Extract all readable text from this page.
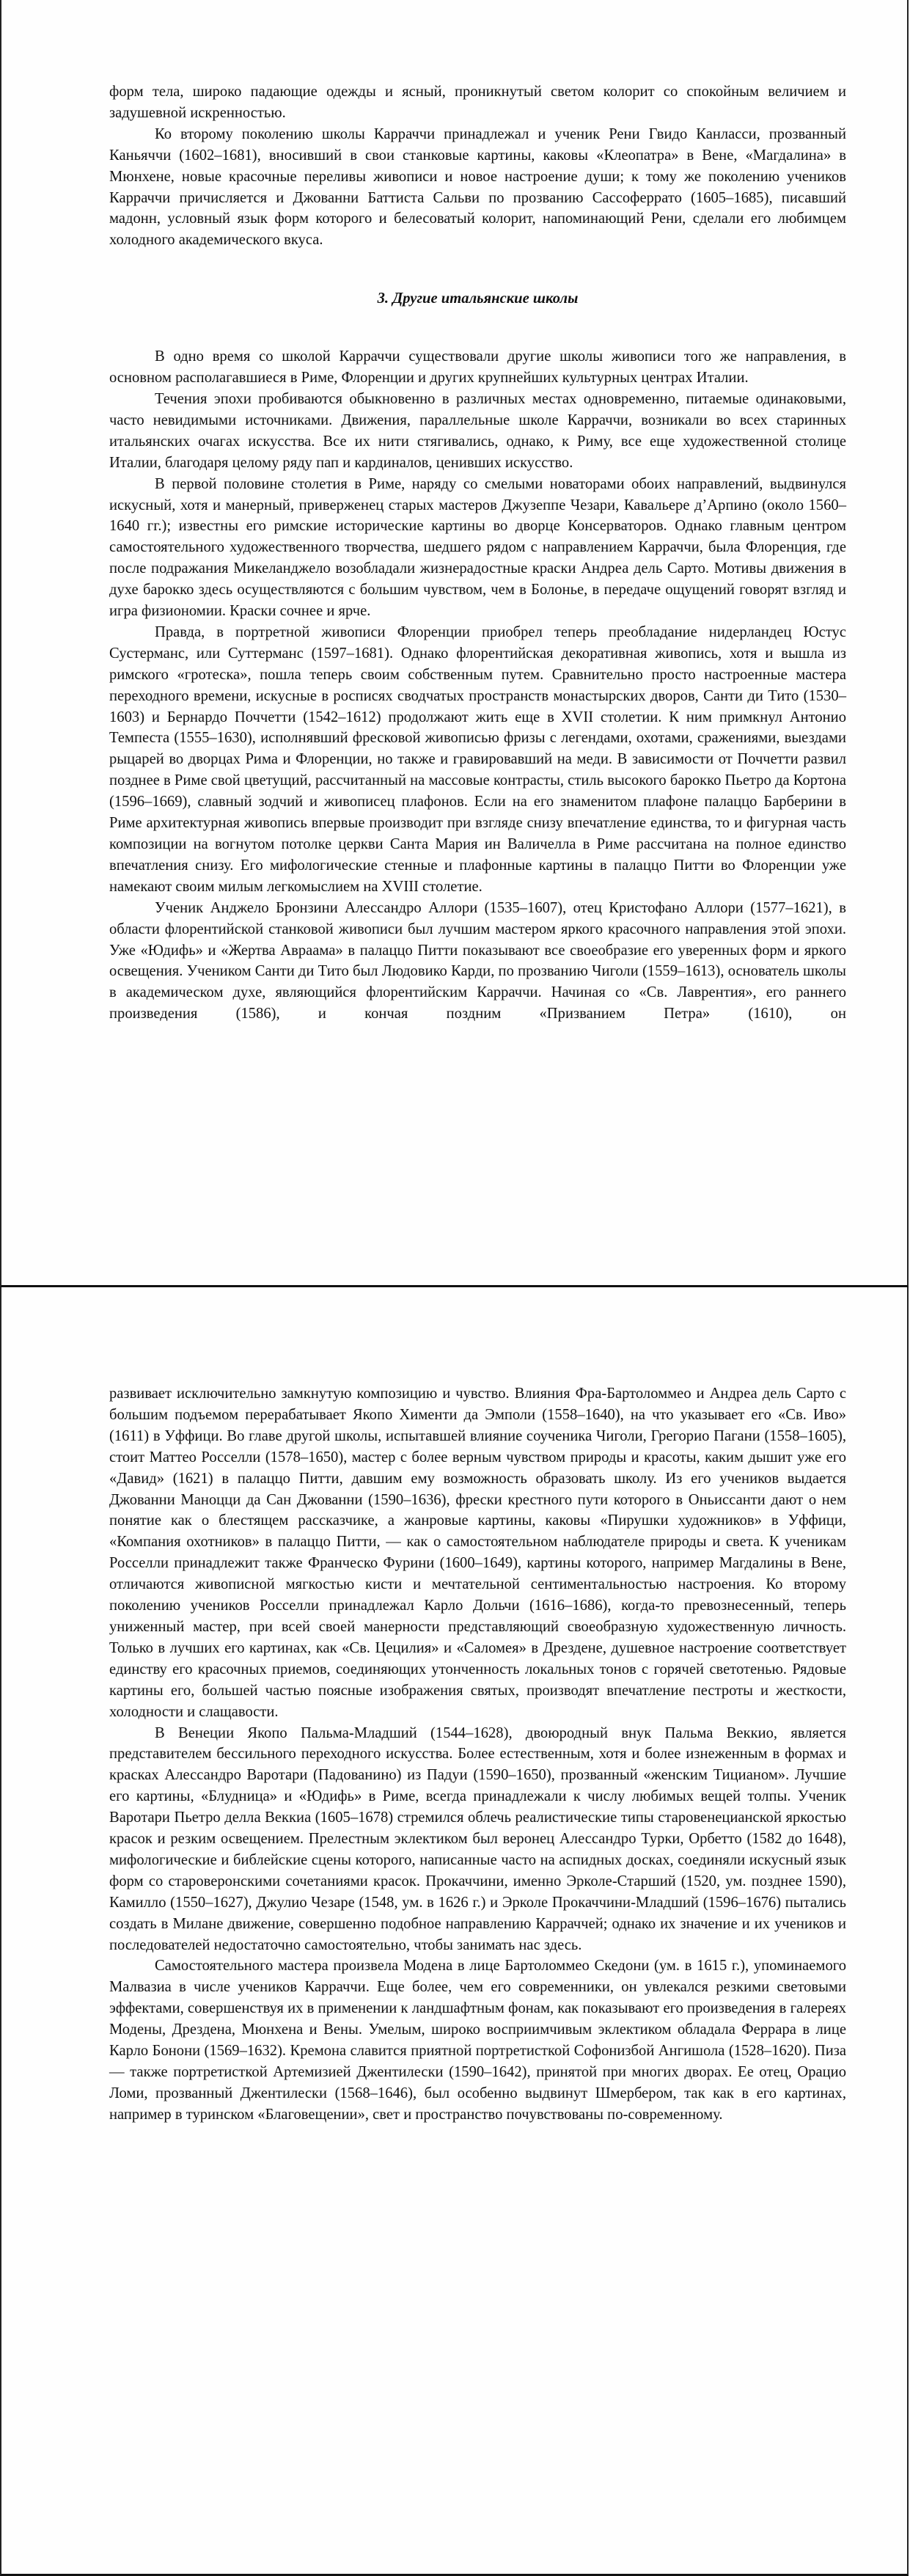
форм тела, широко падающие одежды и ясный, проникнутый светом колорит со спокойным величием и задушевной искренностью.

Ко второму поколению школы Карраччи принадлежал и ученик Рени Гвидо Канласси, прозванный Каньяччи (1602–1681), вносивший в свои станковые картины, каковы «Клеопатра» в Вене, «Магдалина» в Мюнхене, новые красочные переливы живописи и новое настроение души; к тому же поколению учеников Карраччи причисляется и Джованни Баттиста Сальви по прозванию Сассоферрато (1605–1685), писавший мадонн, условный язык форм которого и белесоватый колорит, напоминающий Рени, сделали его любимцем холодного академического вкуса.

3. Другие итальянские школы

В одно время со школой Карраччи существовали другие школы живописи того же направления, в основном располагавшиеся в Риме, Флоренции и других крупнейших культурных центрах Италии.

Течения эпохи пробиваются обыкновенно в различных местах одновременно, питаемые одинаковыми, часто невидимыми источниками. Движения, параллельные школе Карраччи, возникали во всех старинных итальянских очагах искусства. Все их нити стягивались, однако, к Риму, все еще художественной столице Италии, благодаря целому ряду пап и кардиналов, ценивших искусство.

В первой половине столетия в Риме, наряду со смелыми новаторами обоих направлений, выдвинулся искусный, хотя и манерный, приверженец старых мастеров Джузеппе Чезари, Кавальере д’Арпино (около 1560–1640 гг.); известны его римские исторические картины во дворце Консерваторов. Однако главным центром самостоятельного художественного творчества, шедшего рядом с направлением Карраччи, была Флоренция, где после подражания Микеланджело возобладали жизнерадостные краски Андреа дель Сарто. Мотивы движения в духе барокко здесь осуществляются с большим чувством, чем в Болонье, в передаче ощущений говорят взгляд и игра физиономии. Краски сочнее и ярче.

Правда, в портретной живописи Флоренции приобрел теперь преобладание нидерландец Юстус Сустерманс, или Суттерманс (1597–1681). Однако флорентийская декоративная живопись, хотя и вышла из римского «гротеска», пошла теперь своим собственным путем. Сравнительно просто настроенные мастера переходного времени, искусные в росписях сводчатых пространств монастырских дворов, Санти ди Тито (1530–1603) и Бернардо Поччетти (1542–1612) продолжают жить еще в XVII столетии. К ним примкнул Антонио Темпеста (1555–1630), исполнявший фресковой живописью фризы с легендами, охотами, сражениями, выездами рыцарей во дворцах Рима и Флоренции, но также и гравировавший на меди. В зависимости от Поччетти развил позднее в Риме свой цветущий, рассчитанный на массовые контрасты, стиль высокого барокко Пьетро да Кортона (1596–1669), славный зодчий и живописец плафонов. Если на его знаменитом плафоне палаццо Барберини в Риме архитектурная живопись впервые производит при взгляде снизу впечатление единства, то и фигурная часть композиции на вогнутом потолке церкви Санта Мария ин Валичелла в Риме рассчитана на полное единство впечатления снизу. Его мифологические стенные и плафонные картины в палаццо Питти во Флоренции уже намекают своим милым легкомыслием на XVIII столетие.

Ученик Анджело Бронзини Алессандро Аллори (1535–1607), отец Кристофано Аллори (1577–1621), в области флорентийской станковой живописи был лучшим мастером яркого красочного направления этой эпохи. Уже «Юдифь» и «Жертва Авраама» в палаццо Питти показывают все своеобразие его уверенных форм и яркого освещения. Учеником Санти ди Тито был Людовико Карди, по прозванию Чиголи (1559–1613), основатель школы в академическом духе, являющийся флорентийским Карраччи. Начиная со «Св. Лаврентия», его раннего произведения (1586), и кончая поздним «Призванием Петра» (1610), он

развивает исключительно замкнутую композицию и чувство. Влияния Фра-Бартоломмео и Андреа дель Сарто с большим подъемом перерабатывает Якопо Хименти да Эмполи (1558–1640), на что указывает его «Св. Иво» (1611) в Уффици. Во главе другой школы, испытавшей влияние соученика Чиголи, Грегорио Пагани (1558–1605), стоит Маттео Росселли (1578–1650), мастер с более верным чувством природы и красоты, каким дышит уже его «Давид» (1621) в палаццо Питти, давшим ему возможность образовать школу. Из его учеников выдается Джованни Маноцци да Сан Джованни (1590–1636), фрески крестного пути которого в Оньиссанти дают о нем понятие как о блестящем рассказчике, а жанровые картины, каковы «Пирушки художников» в Уффици, «Компания охотников» в палаццо Питти, — как о самостоятельном наблюдателе природы и света. К ученикам Росселли принадлежит также Франческо Фурини (1600–1649), картины которого, например Магдалины в Вене, отличаются живописной мягкостью кисти и мечтательной сентиментальностью настроения. Ко второму поколению учеников Росселли принадлежал Карло Дольчи (1616–1686), когда-то превознесенный, теперь униженный мастер, при всей своей манерности представляющий своеобразную художественную личность. Только в лучших его картинах, как «Св. Цецилия» и «Саломея» в Дрездене, душевное настроение соответствует единству его красочных приемов, соединяющих утонченность локальных тонов с горячей светотенью. Рядовые картины его, большей частью поясные изображения святых, производят впечатление пестроты и жесткости, холодности и слащавости.

В Венеции Якопо Пальма-Младший (1544–1628), двоюродный внук Пальма Веккио, является представителем бессильного переходного искусства. Более естественным, хотя и более изнеженным в формах и красках Алессандро Варотари (Падованино) из Падуи (1590–1650), прозванный «женским Тицианом». Лучшие его картины, «Блудница» и «Юдифь» в Риме, всегда принадлежали к числу любимых вещей толпы. Ученик Варотари Пьетро делла Веккиа (1605–1678) стремился облечь реалистические типы старовенецианской яркостью красок и резким освещением. Прелестным эклектиком был веронец Алессандро Турки, Орбетто (1582 до 1648), мифологические и библейские сцены которого, написанные часто на аспидных досках, соединяли искусный язык форм со староверонскими сочетаниями красок. Прокаччини, именно Эрколе-Старший (1520, ум. позднее 1590), Камилло (1550–1627), Джулио Чезаре (1548, ум. в 1626 г.) и Эрколе Прокаччини-Младший (1596–1676) пытались создать в Милане движение, совершенно подобное направлению Карраччей; однако их значение и их учеников и последователей недостаточно самостоятельно, чтобы занимать нас здесь.

Самостоятельного мастера произвела Модена в лице Бартоломмео Скедони (ум. в 1615 г.), упоминаемого Малвазиа в числе учеников Карраччи. Еще более, чем его современники, он увлекался резкими световыми эффектами, совершенствуя их в применении к ландшафтным фонам, как показывают его произведения в галереях Модены, Дрездена, Мюнхена и Вены. Умелым, широко восприимчивым эклектиком обладала Феррара в лице Карло Бонони (1569–1632). Кремона славится приятной портретисткой Софонизбой Ангишола (1528–1620). Пиза — также портретисткой Артемизией Джентилески (1590–1642), принятой при многих дворах. Ее отец, Орацио Ломи, прозванный Джентилески (1568–1646), был особенно выдвинут Шмербером, так как в его картинах, например в туринском «Благовещении», свет и пространство почувствованы по-современному.
